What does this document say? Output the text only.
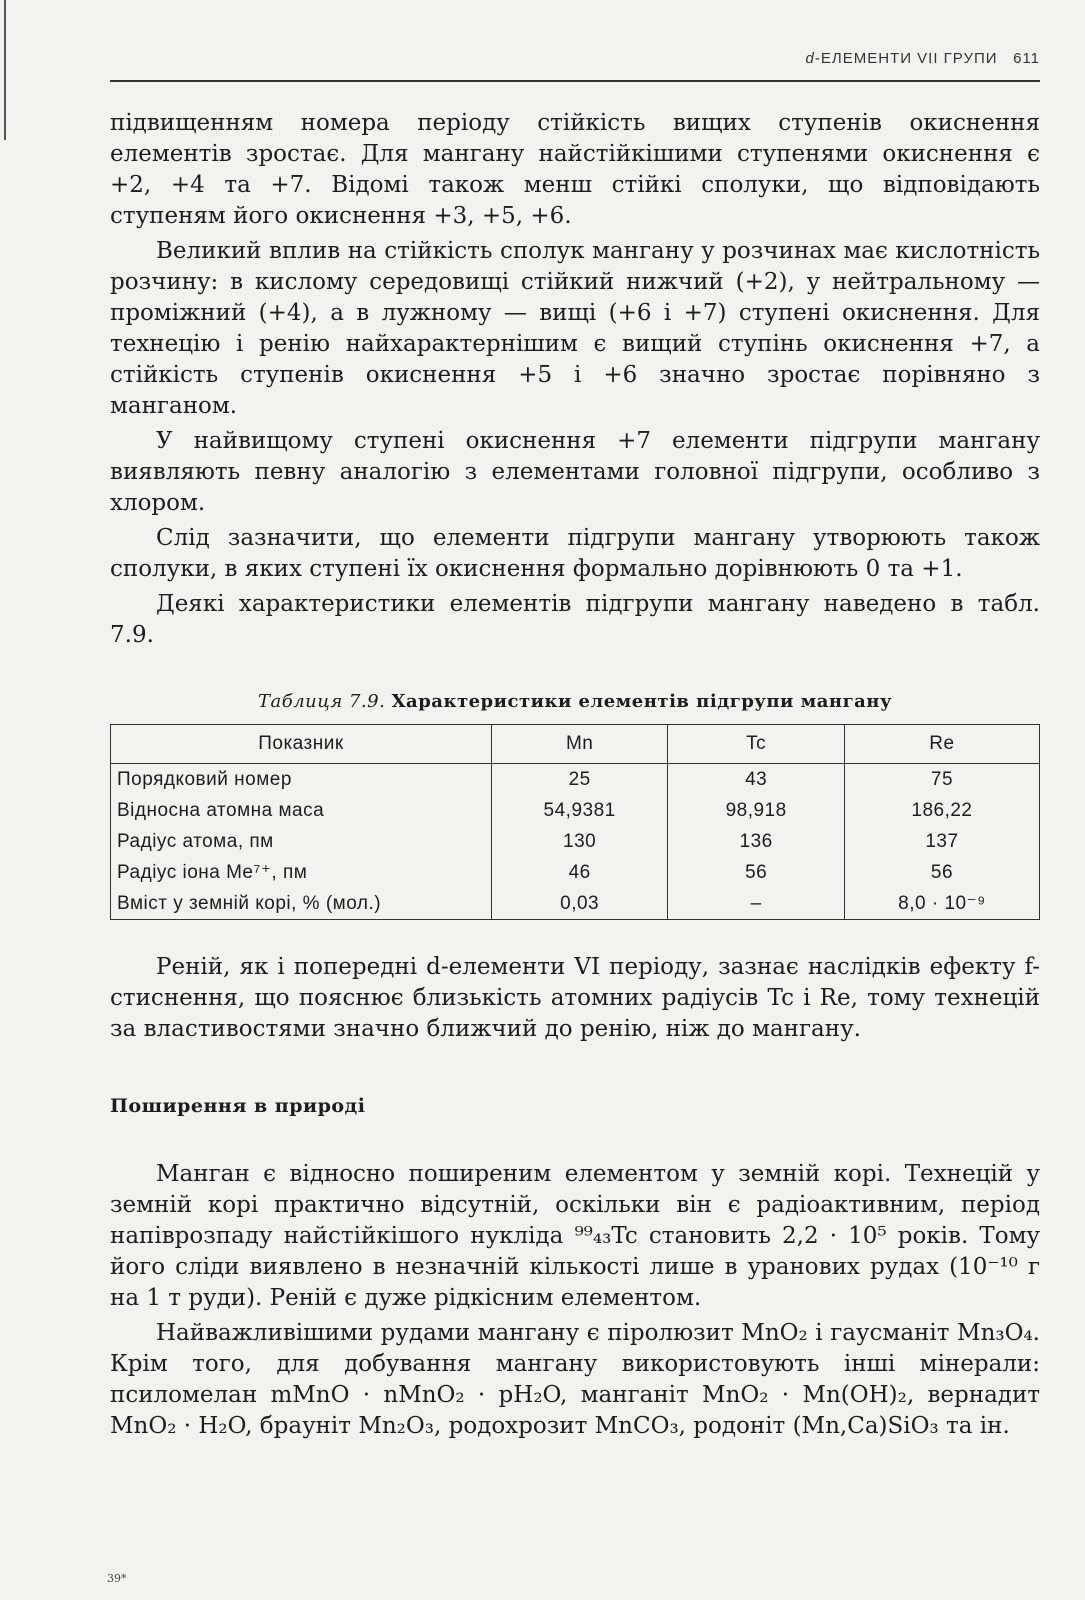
d-ЕЛЕМЕНТИ VII ГРУПИ 611

підвищенням номера періоду стійкість вищих ступенів окиснення елементів зростає. Для мангану найстійкішими ступенями окиснення є +2, +4 та +7. Відомі також менш стійкі сполуки, що відповідають ступеням його окиснення +3, +5, +6.

Великий вплив на стійкість сполук мангану у розчинах має кислотність розчину: в кислому середовищі стійкий нижчий (+2), у нейтральному — проміжний (+4), а в лужному — вищі (+6 і +7) ступені окиснення. Для технецію і ренію найхарактернішим є вищий ступінь окиснення +7, а стійкість ступенів окиснення +5 і +6 значно зростає порівняно з манганом.

У найвищому ступені окиснення +7 елементи підгрупи мангану виявляють певну аналогію з елементами головної підгрупи, особливо з хлором.

Слід зазначити, що елементи підгрупи мангану утворюють також сполуки, в яких ступені їх окиснення формально дорівнюють 0 та +1.

Деякі характеристики елементів підгрупи мангану наведено в табл. 7.9.

Таблиця 7.9. Характеристики елементів підгрупи мангану
Показник	Mn	Tc	Re
Порядковий номер	25	43	75
Відносна атомна маса	54,9381	98,918	186,22
Радіус атома, пм	130	136	137
Радіус іона Me⁷⁺, пм	46	56	56
Вміст у земній корі, % (мол.)	0,03	–	8,0 · 10⁻⁹

Реній, як і попередні d-елементи VI періоду, зазнає наслідків ефекту f-стиснення, що пояснює близькість атомних радіусів Tc і Re, тому технецій за властивостями значно ближчий до ренію, ніж до мангану.

Поширення в природі

Манган є відносно поширеним елементом у земній корі. Технецій у земній корі практично відсутній, оскільки він є радіоактивним, період напіврозпаду найстійкішого нукліда ⁹⁹₄₃Tc становить 2,2 · 10⁵ років. Тому його сліди виявлено в незначній кількості лише в уранових рудах (10⁻¹⁰ г на 1 т руди). Реній є дуже рідкісним елементом.

Найважливішими рудами мангану є піролюзит MnO₂ і гаусманіт Mn₃O₄. Крім того, для добування мангану використовують інші мінерали: псиломелан mMnO · nMnO₂ · pH₂O, манганіт MnO₂ · Mn(OH)₂, вернадит MnO₂ · H₂O, браунiт Mn₂O₃, родохрозит MnCO₃, родоніт (Mn,Ca)SiO₃ та ін.

39*
